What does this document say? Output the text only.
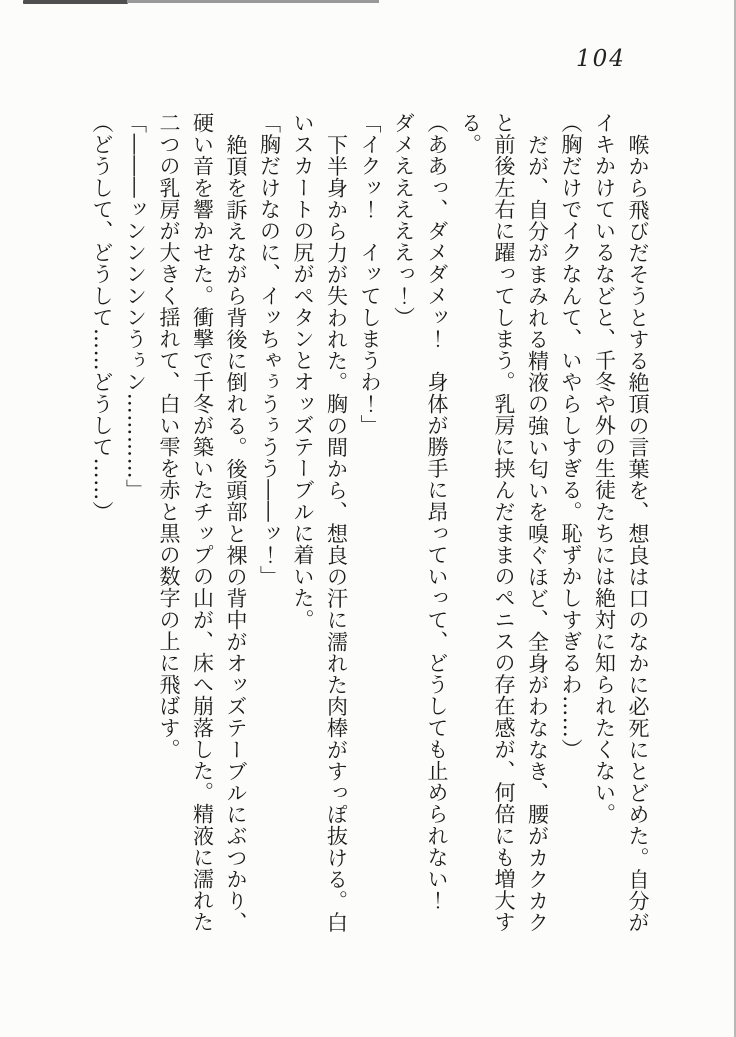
104
喉から飛びだそうとする絶頂の言葉を、想良は口のなかに必死にとどめた。自分が
イキかけているなどと、千冬や外の生徒たちには絶対に知られたくない。
（胸だけでイクなんて、いやらしすぎる。恥ずかしすぎるわ……）
だが、自分がまみれる精液の強い匂いを嗅ぐほど、全身がわななき、腰がカクカク
と前後左右に躍ってしまう。乳房に挟んだままのペニスの存在感が、何倍にも増大す
る。
（ああっ、ダメダメッ！　身体が勝手に昂っていって、どうしても止められない！
ダメえええええっ！）
「イクッ！　イッてしまうわ！」
下半身から力が失われた。胸の間から、想良の汗に濡れた肉棒がすっぽ抜ける。白
いスカートの尻がペタンとオッズテーブルに着いた。
「胸だけなのに、イッちゃぅうぅうう――ッ！」
絶頂を訴えながら背後に倒れる。後頭部と裸の背中がオッズテーブルにぶつかり、
硬い音を響かせた。衝撃で千冬が築いたチップの山が、床へ崩落した。精液に濡れた
二つの乳房が大きく揺れて、白い雫を赤と黒の数字の上に飛ばす。
「―――ッンンンンンうぅン…………」
（どうして、どうして……どうして……）
